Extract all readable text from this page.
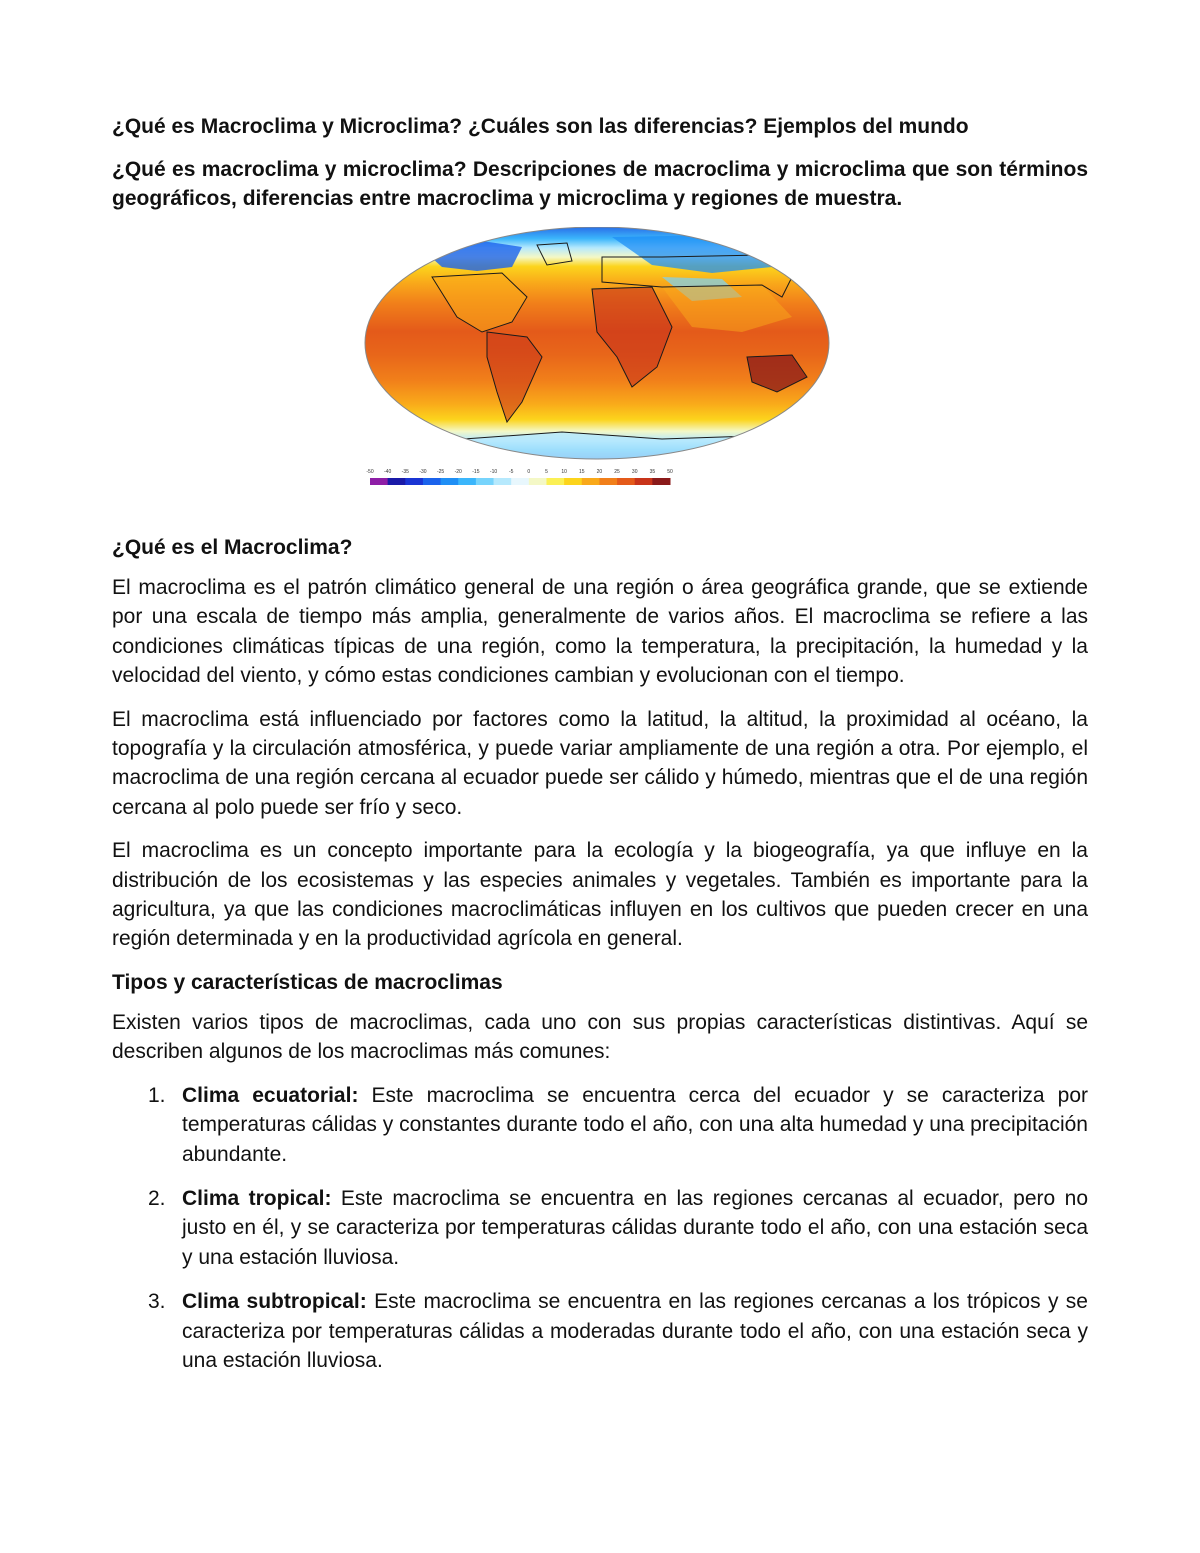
¿Qué es Macroclima y Microclima? ¿Cuáles son las diferencias? Ejemplos del mundo
¿Qué es macroclima y microclima? Descripciones de macroclima y microclima que son términos geográficos, diferencias entre macroclima y microclima y regiones de muestra.
-50 -40 -35 -30 -25 -20 -15 -10 -5	0	5	10 15 20 25 30 35 50
¿Qué es el Macroclima?

El macroclima es el patrón climático general de una región o área geográfica grande, que se extiende por una escala de tiempo más amplia, generalmente de varios años. El macroclima se refiere a las condiciones climáticas típicas de una región, como la temperatura, la precipitación, la humedad y la velocidad del viento, y cómo estas condiciones cambian y evolucionan con el tiempo.

El macroclima está influenciado por factores como la latitud, la altitud, la proximidad al océano, la topografía y la circulación atmosférica, y puede variar ampliamente de una región a otra. Por ejemplo, el macroclima de una región cercana al ecuador puede ser cálido y húmedo, mientras que el de una región cercana al polo puede ser frío y seco.

El macroclima es un concepto importante para la ecología y la biogeografía, ya que influye en la distribución de los ecosistemas y las especies animales y vegetales. También es importante para la agricultura, ya que las condiciones macroclimáticas influyen en los cultivos que pueden crecer en una región determinada y en la productividad agrícola en general.

Tipos y características de macroclimas

Existen varios tipos de macroclimas, cada uno con sus propias características distintivas. Aquí se describen algunos de los macroclimas más comunes:

1. Clima ecuatorial: Este macroclima se encuentra cerca del ecuador y se caracteriza por temperaturas cálidas y constantes durante todo el año, con una alta humedad y una precipitación abundante.
2. Clima tropical: Este macroclima se encuentra en las regiones cercanas al ecuador, pero no justo en él, y se caracteriza por temperaturas cálidas durante todo el año, con una estación seca y una estación lluviosa.
3. Clima subtropical: Este macroclima se encuentra en las regiones cercanas a los trópicos y se caracteriza por temperaturas cálidas a moderadas durante todo el año, con una estación seca y una estación lluviosa.
